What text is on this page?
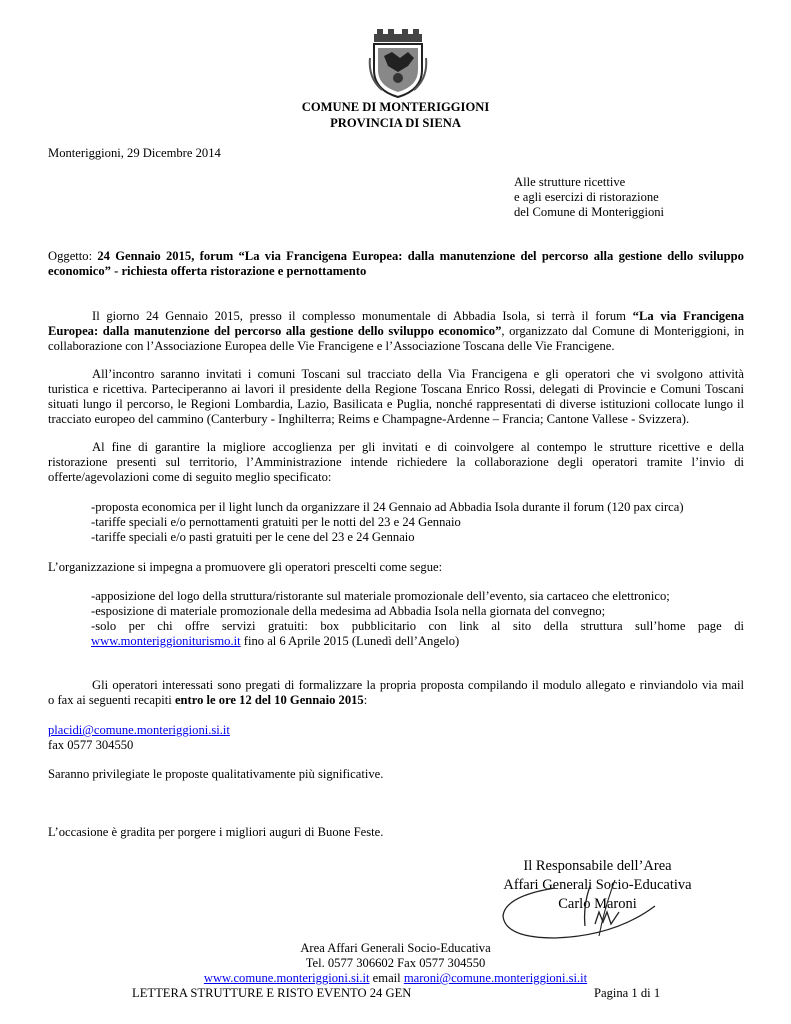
COMUNE DI MONTERIGGIONI
PROVINCIA DI SIENA
Monteriggioni, 29 Dicembre 2014
Alle strutture ricettive
e agli esercizi di ristorazione
del Comune di Monteriggioni
Oggetto: 24 Gennaio 2015, forum “La via Francigena Europea: dalla manutenzione del percorso alla gestione dello sviluppo
economico” - richiesta offerta ristorazione e pernottamento
Il giorno 24 Gennaio 2015, presso il complesso monumentale di Abbadia Isola, si terrà il forum “La via Francigena
Europea: dalla manutenzione del percorso alla gestione dello sviluppo economico”, organizzato dal Comune di Monteriggioni, in
collaborazione con l’Associazione Europea delle Vie Francigene e l’Associazione Toscana delle Vie Francigene.
All’incontro saranno invitati i comuni Toscani sul tracciato della Via Francigena e gli operatori che vi svolgono attività
turistica e ricettiva. Parteciperanno ai lavori il presidente della Regione Toscana Enrico Rossi, delegati di Provincie e Comuni Toscani
situati lungo il percorso, le Regioni Lombardia, Lazio, Basilicata e Puglia, nonché rappresentati di diverse istituzioni collocate lungo il
tracciato europeo del cammino (Canterbury - Inghilterra; Reims e Champagne-Ardenne – Francia; Cantone Vallese - Svizzera).
Al fine di garantire la migliore accoglienza per gli invitati e di coinvolgere al contempo le strutture ricettive e della
ristorazione presenti sul territorio, l’Amministrazione intende richiedere la collaborazione degli operatori tramite l’invio di
offerte/agevolazioni come di seguito meglio specificato:
-proposta economica per il light lunch da organizzare il 24 Gennaio ad Abbadia Isola durante il forum (120 pax circa)
-tariffe speciali e/o pernottamenti gratuiti per le notti del 23 e 24 Gennaio
-tariffe speciali e/o pasti gratuiti per le cene del 23 e 24 Gennaio
L’organizzazione si impegna a promuovere gli operatori prescelti come segue:
-apposizione del logo della struttura/ristorante sul materiale promozionale dell’evento, sia cartaceo che elettronico;
-esposizione di materiale promozionale della medesima ad Abbadia Isola nella giornata del convegno;
-solo per chi offre servizi gratuiti: box pubblicitario con link al sito della struttura sull’home page di
www.monteriggioniturismo.it fino al 6 Aprile 2015 (Lunedì dell’Angelo)
Gli operatori interessati sono pregati di formalizzare la propria proposta compilando il modulo allegato e rinviandolo via mail
o fax ai seguenti recapiti entro le ore 12 del 10 Gennaio 2015:
placidi@comune.monteriggioni.si.it
fax 0577 304550
Saranno privilegiate le proposte qualitativamente più significative.
L’occasione è gradita per porgere i migliori auguri di Buone Feste.
Il Responsabile dell’Area
Affari Generali Socio-Educativa
Carlo Maroni
Area Affari Generali Socio-Educativa
Tel. 0577 306602 Fax 0577 304550
www.comune.monteriggioni.si.it email maroni@comune.monteriggioni.si.it
LETTERA STRUTTURE E RISTO EVENTO 24 GEN	Pagina 1 di 1
